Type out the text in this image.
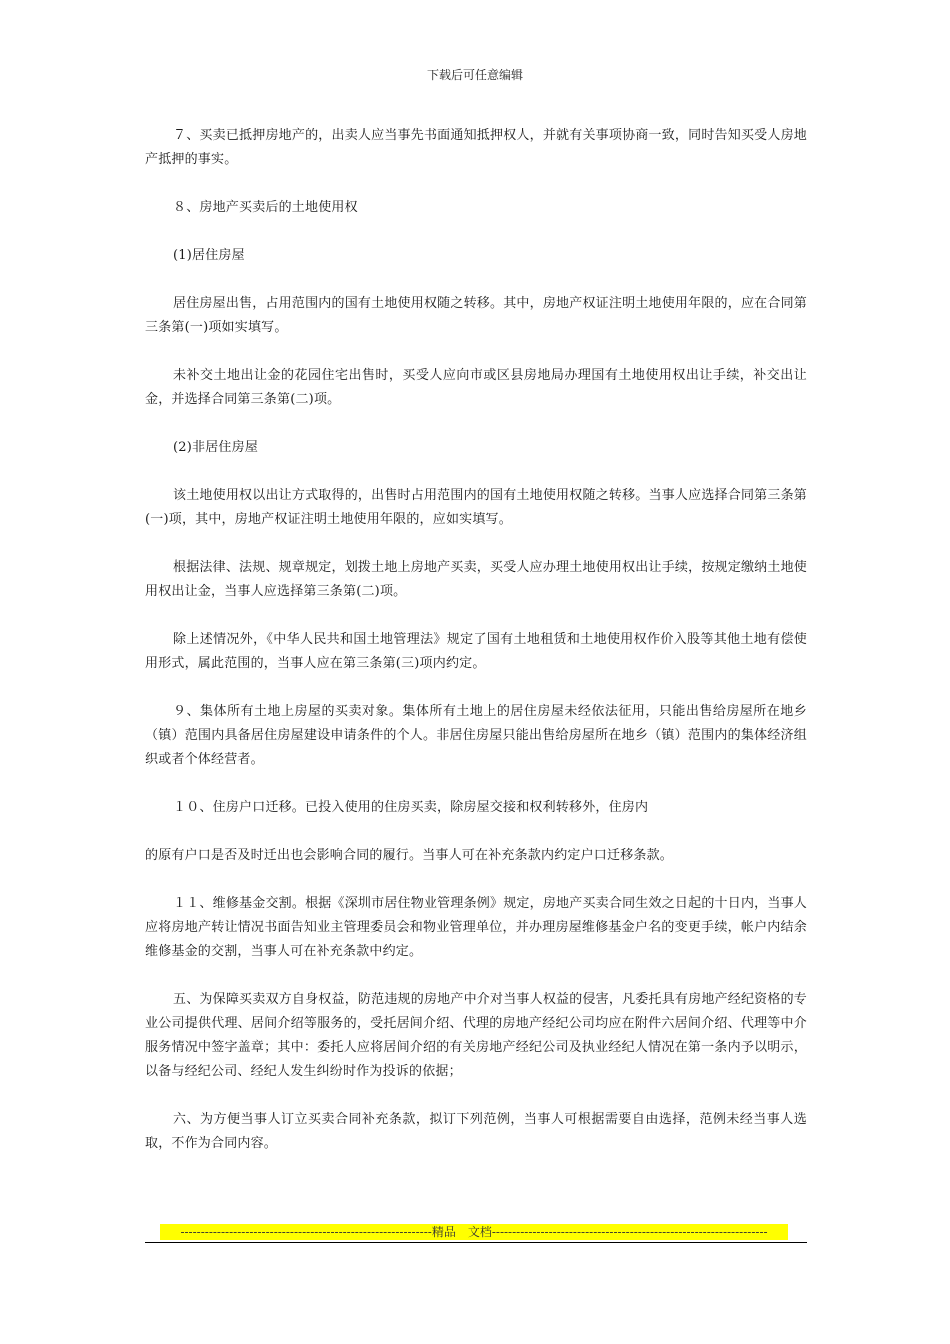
下载后可任意编辑

７、买卖已抵押房地产的，出卖人应当事先书面通知抵押权人，并就有关事项协商一致，同时告知买受人房地产抵押的事实。

８、房地产买卖后的土地使用权

(1)居住房屋

居住房屋出售，占用范围内的国有土地使用权随之转移。其中，房地产权证注明土地使用年限的，应在合同第三条第(一)项如实填写。

未补交土地出让金的花园住宅出售时，买受人应向市或区县房地局办理国有土地使用权出让手续，补交出让金，并选择合同第三条第(二)项。

(2)非居住房屋

该土地使用权以出让方式取得的，出售时占用范围内的国有土地使用权随之转移。当事人应选择合同第三条第(一)项，其中，房地产权证注明土地使用年限的，应如实填写。

根据法律、法规、规章规定，划拨土地上房地产买卖，买受人应办理土地使用权出让手续，按规定缴纳土地使用权出让金，当事人应选择第三条第(二)项。

除上述情况外，《中华人民共和国土地管理法》规定了国有土地租赁和土地使用权作价入股等其他土地有偿使用形式，属此范围的，当事人应在第三条第(三)项内约定。

９、集体所有土地上房屋的买卖对象。集体所有土地上的居住房屋未经依法征用，只能出售给房屋所在地乡（镇）范围内具备居住房屋建设申请条件的个人。非居住房屋只能出售给房屋所在地乡（镇）范围内的集体经济组织或者个体经营者。

１０、住房户口迁移。已投入使用的住房买卖，除房屋交接和权利转移外，住房内

的原有户口是否及时迁出也会影响合同的履行。当事人可在补充条款内约定户口迁移条款。

１１、维修基金交割。根据《深圳市居住物业管理条例》规定，房地产买卖合同生效之日起的十日内，当事人应将房地产转让情况书面告知业主管理委员会和物业管理单位，并办理房屋维修基金户名的变更手续，帐户内结余维修基金的交割，当事人可在补充条款中约定。

五、为保障买卖双方自身权益，防范违规的房地产中介对当事人权益的侵害，凡委托具有房地产经纪资格的专业公司提供代理、居间介绍等服务的，受托居间介绍、代理的房地产经纪公司均应在附件六居间介绍、代理等中介服务情况中签字盖章；其中：委托人应将居间介绍的有关房地产经纪公司及执业经纪人情况在第一条内予以明示，以备与经纪公司、经纪人发生纠纷时作为投诉的依据；

六、为方便当事人订立买卖合同补充条款，拟订下列范例，当事人可根据需要自由选择，范例未经当事人选取，不作为合同内容。

--------------------------------------------------------------精品　文档--------------------------------------------------------------------
